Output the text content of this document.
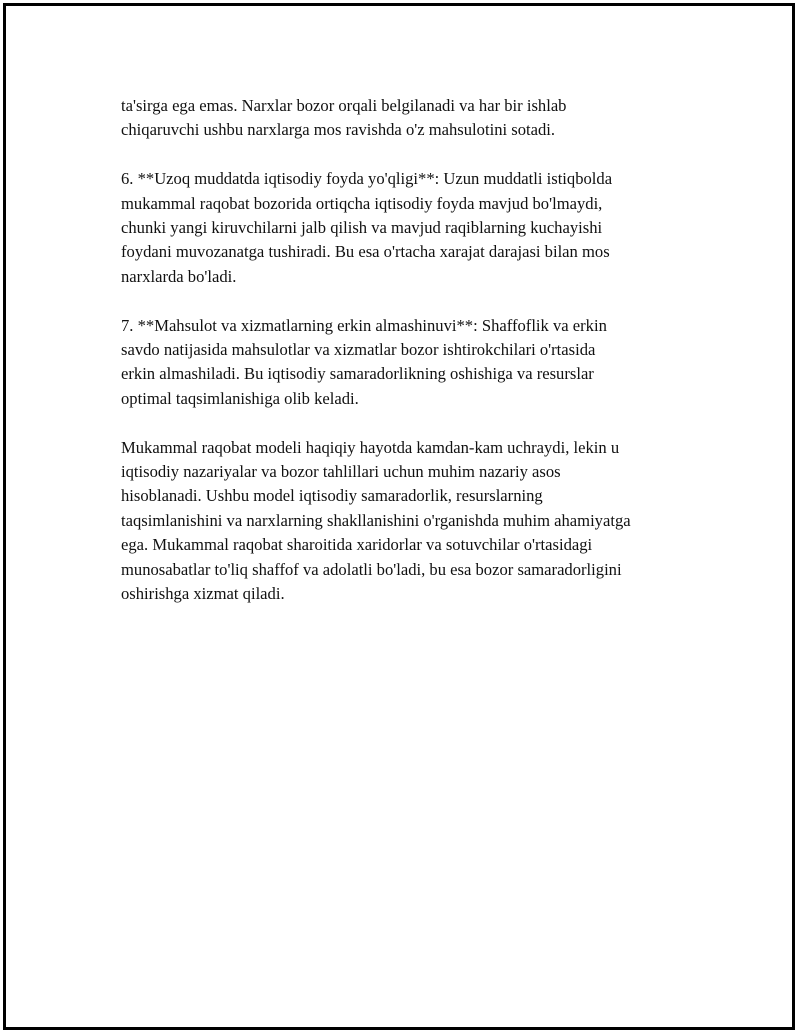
ta'sirga ega emas. Narxlar bozor orqali belgilanadi va har bir ishlab
chiqaruvchi ushbu narxlarga mos ravishda o'z mahsulotini sotadi.

6. **Uzoq muddatda iqtisodiy foyda yo'qligi**: Uzun muddatli istiqbolda
mukammal raqobat bozorida ortiqcha iqtisodiy foyda mavjud bo'lmaydi,
chunki yangi kiruvchilarni jalb qilish va mavjud raqiblarning kuchayishi
foydani muvozanatga tushiradi. Bu esa o'rtacha xarajat darajasi bilan mos
narxlarda bo'ladi.

7. **Mahsulot va xizmatlarning erkin almashinuvi**: Shaffoflik va erkin
savdo natijasida mahsulotlar va xizmatlar bozor ishtirokchilari o'rtasida
erkin almashiladi. Bu iqtisodiy samaradorlikning oshishiga va resurslar
optimal taqsimlanishiga olib keladi.

Mukammal raqobat modeli haqiqiy hayotda kamdan-kam uchraydi, lekin u
iqtisodiy nazariyalar va bozor tahlillari uchun muhim nazariy asos
hisoblanadi. Ushbu model iqtisodiy samaradorlik, resurslarning
taqsimlanishini va narxlarning shakllanishini o'rganishda muhim ahamiyatga
ega. Mukammal raqobat sharoitida xaridorlar va sotuvchilar o'rtasidagi
munosabatlar to'liq shaffof va adolatli bo'ladi, bu esa bozor samaradorligini
oshirishga xizmat qiladi.
